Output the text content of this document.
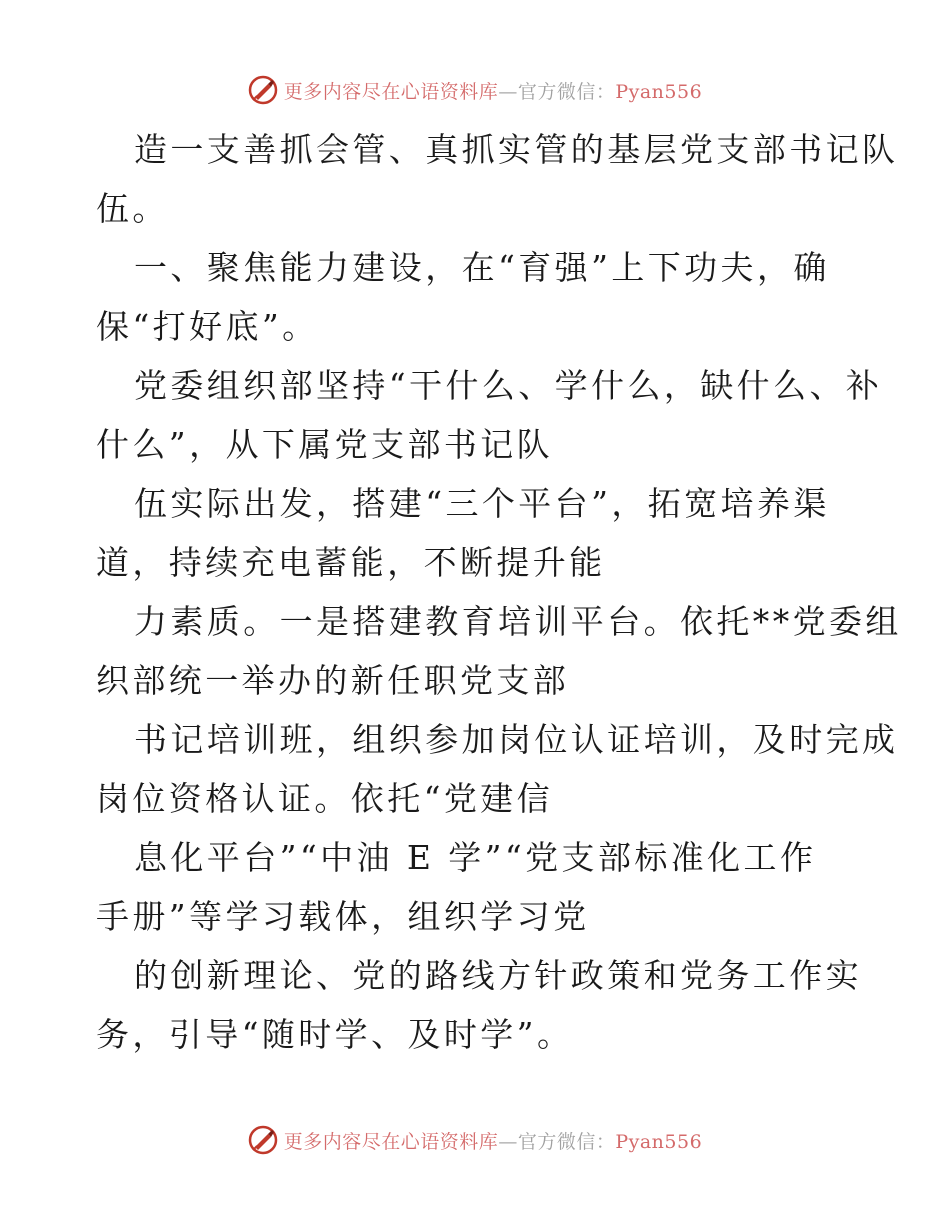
更多内容尽在心语资料库—官方微信：Pyan556
造一支善抓会管、真抓实管的基层党支部书记队
伍。
一、聚焦能力建设，在“育强”上下功夫，确
保“打好底”。
党委组织部坚持“干什么、学什么，缺什么、补
什么”，从下属党支部书记队
伍实际出发，搭建“三个平台”，拓宽培养渠
道，持续充电蓄能，不断提升能
力素质。一是搭建教育培训平台。依托**党委组
织部统一举办的新任职党支部
书记培训班，组织参加岗位认证培训，及时完成
岗位资格认证。依托“党建信
息化平台”“中油 E 学”“党支部标准化工作
手册”等学习载体，组织学习党
的创新理论、党的路线方针政策和党务工作实
务，引导“随时学、及时学”。
更多内容尽在心语资料库—官方微信：Pyan556
